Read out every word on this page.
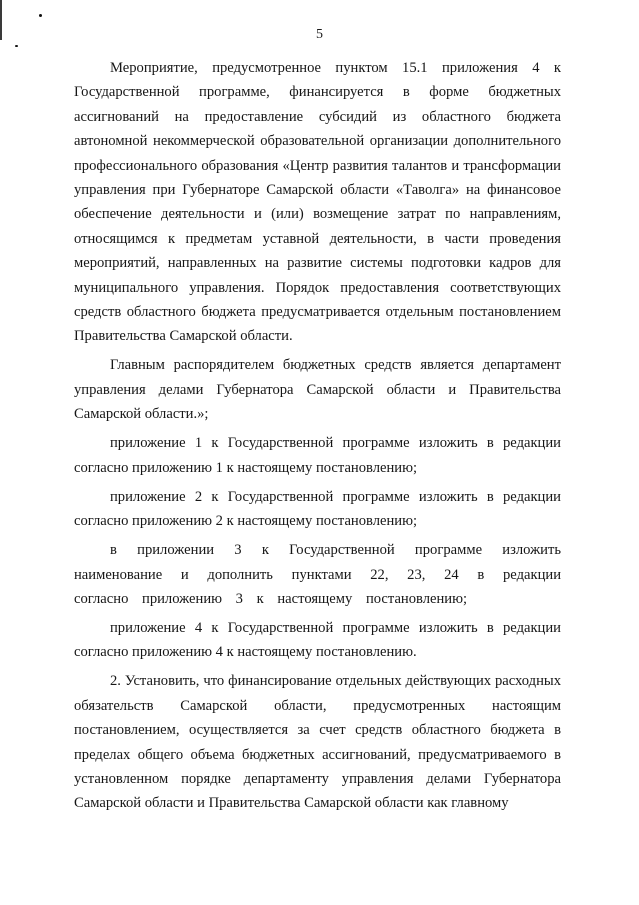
5

Мероприятие, предусмотренное пунктом 15.1 приложения 4 к Государственной программе, финансируется в форме бюджетных ассигнований на предоставление субсидий из областного бюджета автономной некоммерческой образовательной организации дополнительного профессионального образования «Центр развития талантов и трансформации управления при Губернаторе Самарской области «Таволга» на финансовое обеспечение деятельности и (или) возмещение затрат по направлениям, относящимся к предметам уставной деятельности, в части проведения мероприятий, направленных на развитие системы подготовки кадров для муниципального управления. Порядок предоставления соответствующих средств областного бюджета предусматривается отдельным постановлением Правительства Самарской области.

Главным распорядителем бюджетных средств является департамент управления делами Губернатора Самарской области и Правительства Самарской области.»;

приложение 1 к Государственной программе изложить в редакции согласно приложению 1 к настоящему постановлению;

приложение 2 к Государственной программе изложить в редакции согласно приложению 2 к настоящему постановлению;

в приложении 3 к Государственной программе изложить наименование и дополнить пунктами 22, 23, 24 в редакции согласно приложению 3 к настоящему постановлению;

приложение 4 к Государственной программе изложить в редакции согласно приложению 4 к настоящему постановлению.

2. Установить, что финансирование отдельных действующих расходных обязательств Самарской области, предусмотренных настоящим постановлением, осуществляется за счет средств областного бюджета в пределах общего объема бюджетных ассигнований, предусматриваемого в установленном порядке департаменту управления делами Губернатора Самарской области и Правительства Самарской области как главному
